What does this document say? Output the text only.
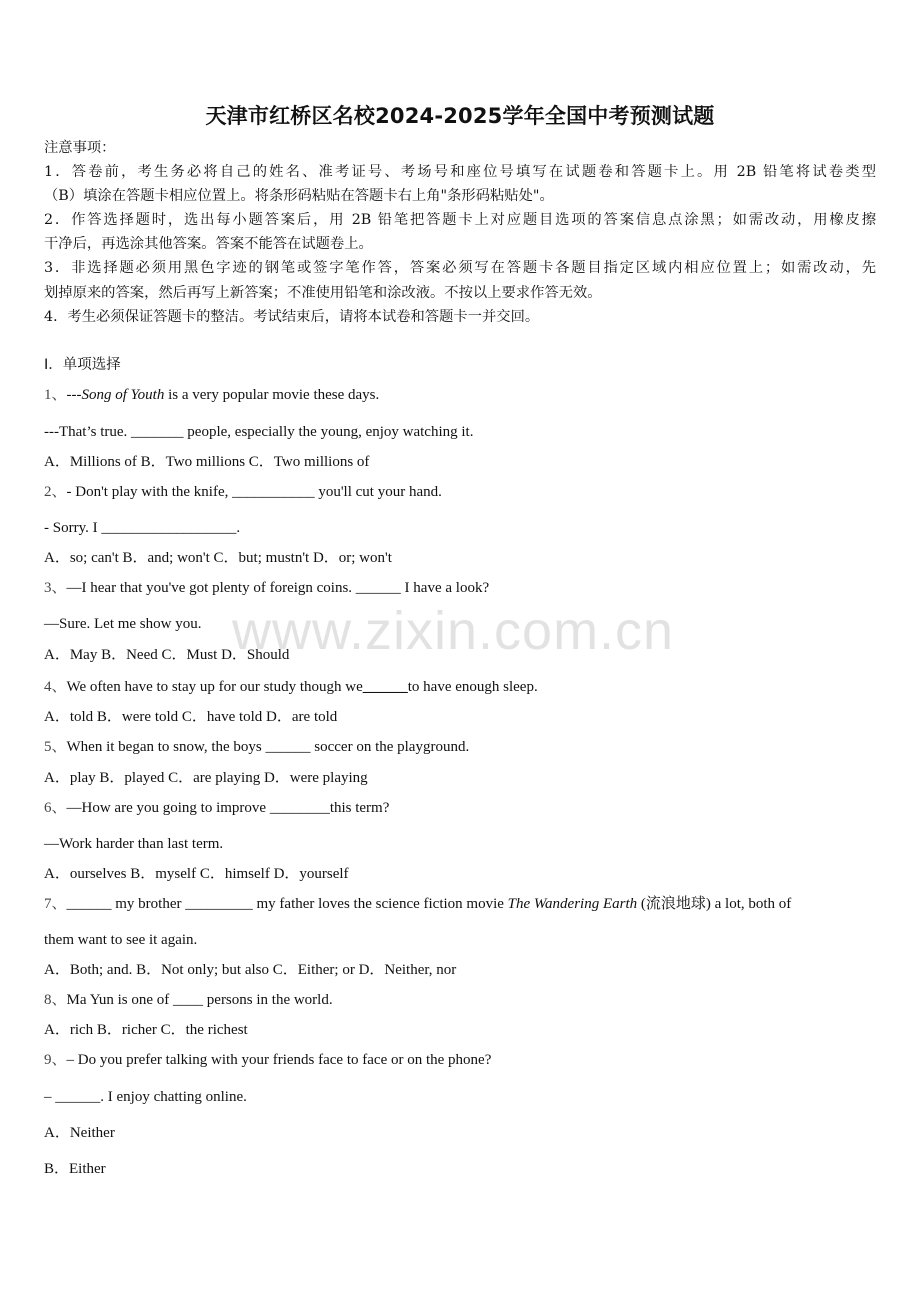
www.zixin.com.cn
天津市红桥区名校2024-2025学年全国中考预测试题
注意事项：
1．答卷前，考生务必将自己的姓名、准考证号、考场号和座位号填写在试题卷和答题卡上。用 2B 铅笔将试卷类型
（B）填涂在答题卡相应位置上。将条形码粘贴在答题卡右上角"条形码粘贴处"。
2．作答选择题时，选出每小题答案后，用 2B 铅笔把答题卡上对应题目选项的答案信息点涂黑；如需改动，用橡皮擦
干净后，再选涂其他答案。答案不能答在试题卷上。
3．非选择题必须用黑色字迹的钢笔或签字笔作答，答案必须写在答题卡各题目指定区域内相应位置上；如需改动，先
划掉原来的答案，然后再写上新答案；不准使用铅笔和涂改液。不按以上要求作答无效。
4．考生必须保证答题卡的整洁。考试结束后，请将本试卷和答题卡一并交回。
Ⅰ．单项选择
1、---Song of Youth is a very popular movie these days.
---That’s true. _______ people, especially the young, enjoy watching it.
A．Millions of B．Two millions C．Two millions of
2、- Don't play with the knife, ___________ you'll cut your hand.
- Sorry. I __________________.
A．so; can't B．and; won't C．but; mustn't D．or; won't
3、—I hear that you've got plenty of foreign coins. ______ I have a look?
—Sure. Let me show you.
A．May B．Need C．Must D．Should
4、We often have to stay up for our study though we______to have enough sleep.
A．told B．were told C．have told D．are told
5、When it began to snow, the boys ______ soccer on the playground.
A．play B．played C．are playing D．were playing
6、—How are you going to improve ________this term?
—Work harder than last term.
A．ourselves B．myself C．himself D．yourself
7、______ my brother _________ my father loves the science fiction movie The Wandering Earth (流浪地球) a lot, both of
them want to see it again.
A．Both; and. B．Not only; but also C．Either; or D．Neither, nor
8、Ma Yun is one of ____ persons in the world.
A．rich B．richer C．the richest
9、– Do you prefer talking with your friends face to face or on the phone?
– ______. I enjoy chatting online.
A．Neither
B．Either
